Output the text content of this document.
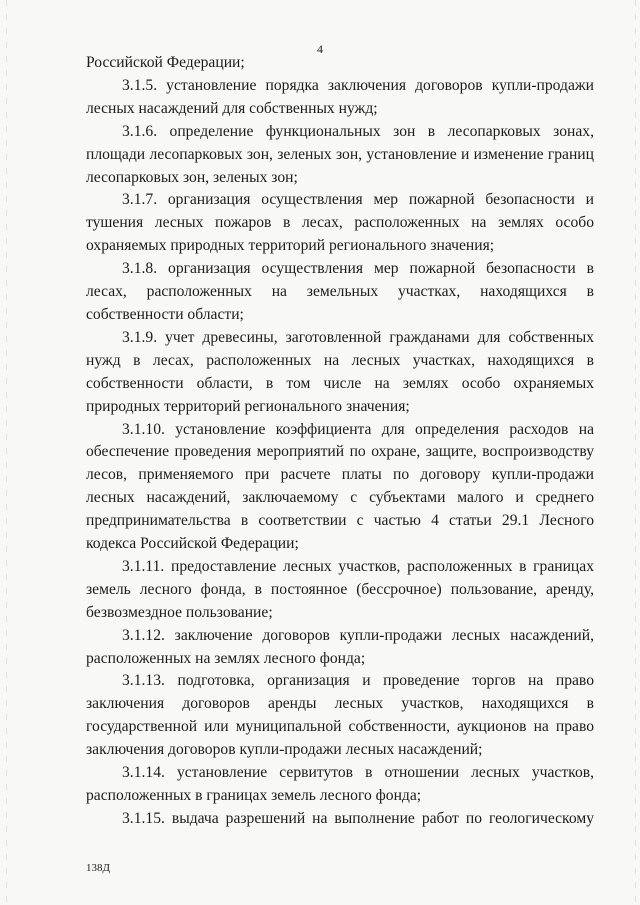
4

Российской Федерации;

3.1.5. установление порядка заключения договоров купли-продажи лесных насаждений для собственных нужд;

3.1.6. определение функциональных зон в лесопарковых зонах, площади лесопарковых зон, зеленых зон, установление и изменение границ лесопарковых зон, зеленых зон;

3.1.7. организация осуществления мер пожарной безопасности и тушения лесных пожаров в лесах, расположенных на землях особо охраняемых природных территорий регионального значения;

3.1.8. организация осуществления мер пожарной безопасности в лесах, расположенных на земельных участках, находящихся в собственности области;

3.1.9. учет древесины, заготовленной гражданами для собственных нужд в лесах, расположенных на лесных участках, находящихся в собственности области, в том числе на землях особо охраняемых природных территорий регионального значения;

3.1.10. установление коэффициента для определения расходов на обеспечение проведения мероприятий по охране, защите, воспроизводству лесов, применяемого при расчете платы по договору купли-продажи лесных насаждений, заключаемому с субъектами малого и среднего предпринимательства в соответствии с частью 4 статьи 29.1 Лесного кодекса Российской Федерации;

3.1.11. предоставление лесных участков, расположенных в границах земель лесного фонда, в постоянное (бессрочное) пользование, аренду, безвозмездное пользование;

3.1.12. заключение договоров купли-продажи лесных насаждений, расположенных на землях лесного фонда;

3.1.13. подготовка, организация и проведение торгов на право заключения договоров аренды лесных участков, находящихся в государственной или муниципальной собственности, аукционов на право заключения договоров купли-продажи лесных насаждений;

3.1.14. установление сервитутов в отношении лесных участков, расположенных в границах земель лесного фонда;

3.1.15. выдача разрешений на выполнение работ по геологическому

138Д
